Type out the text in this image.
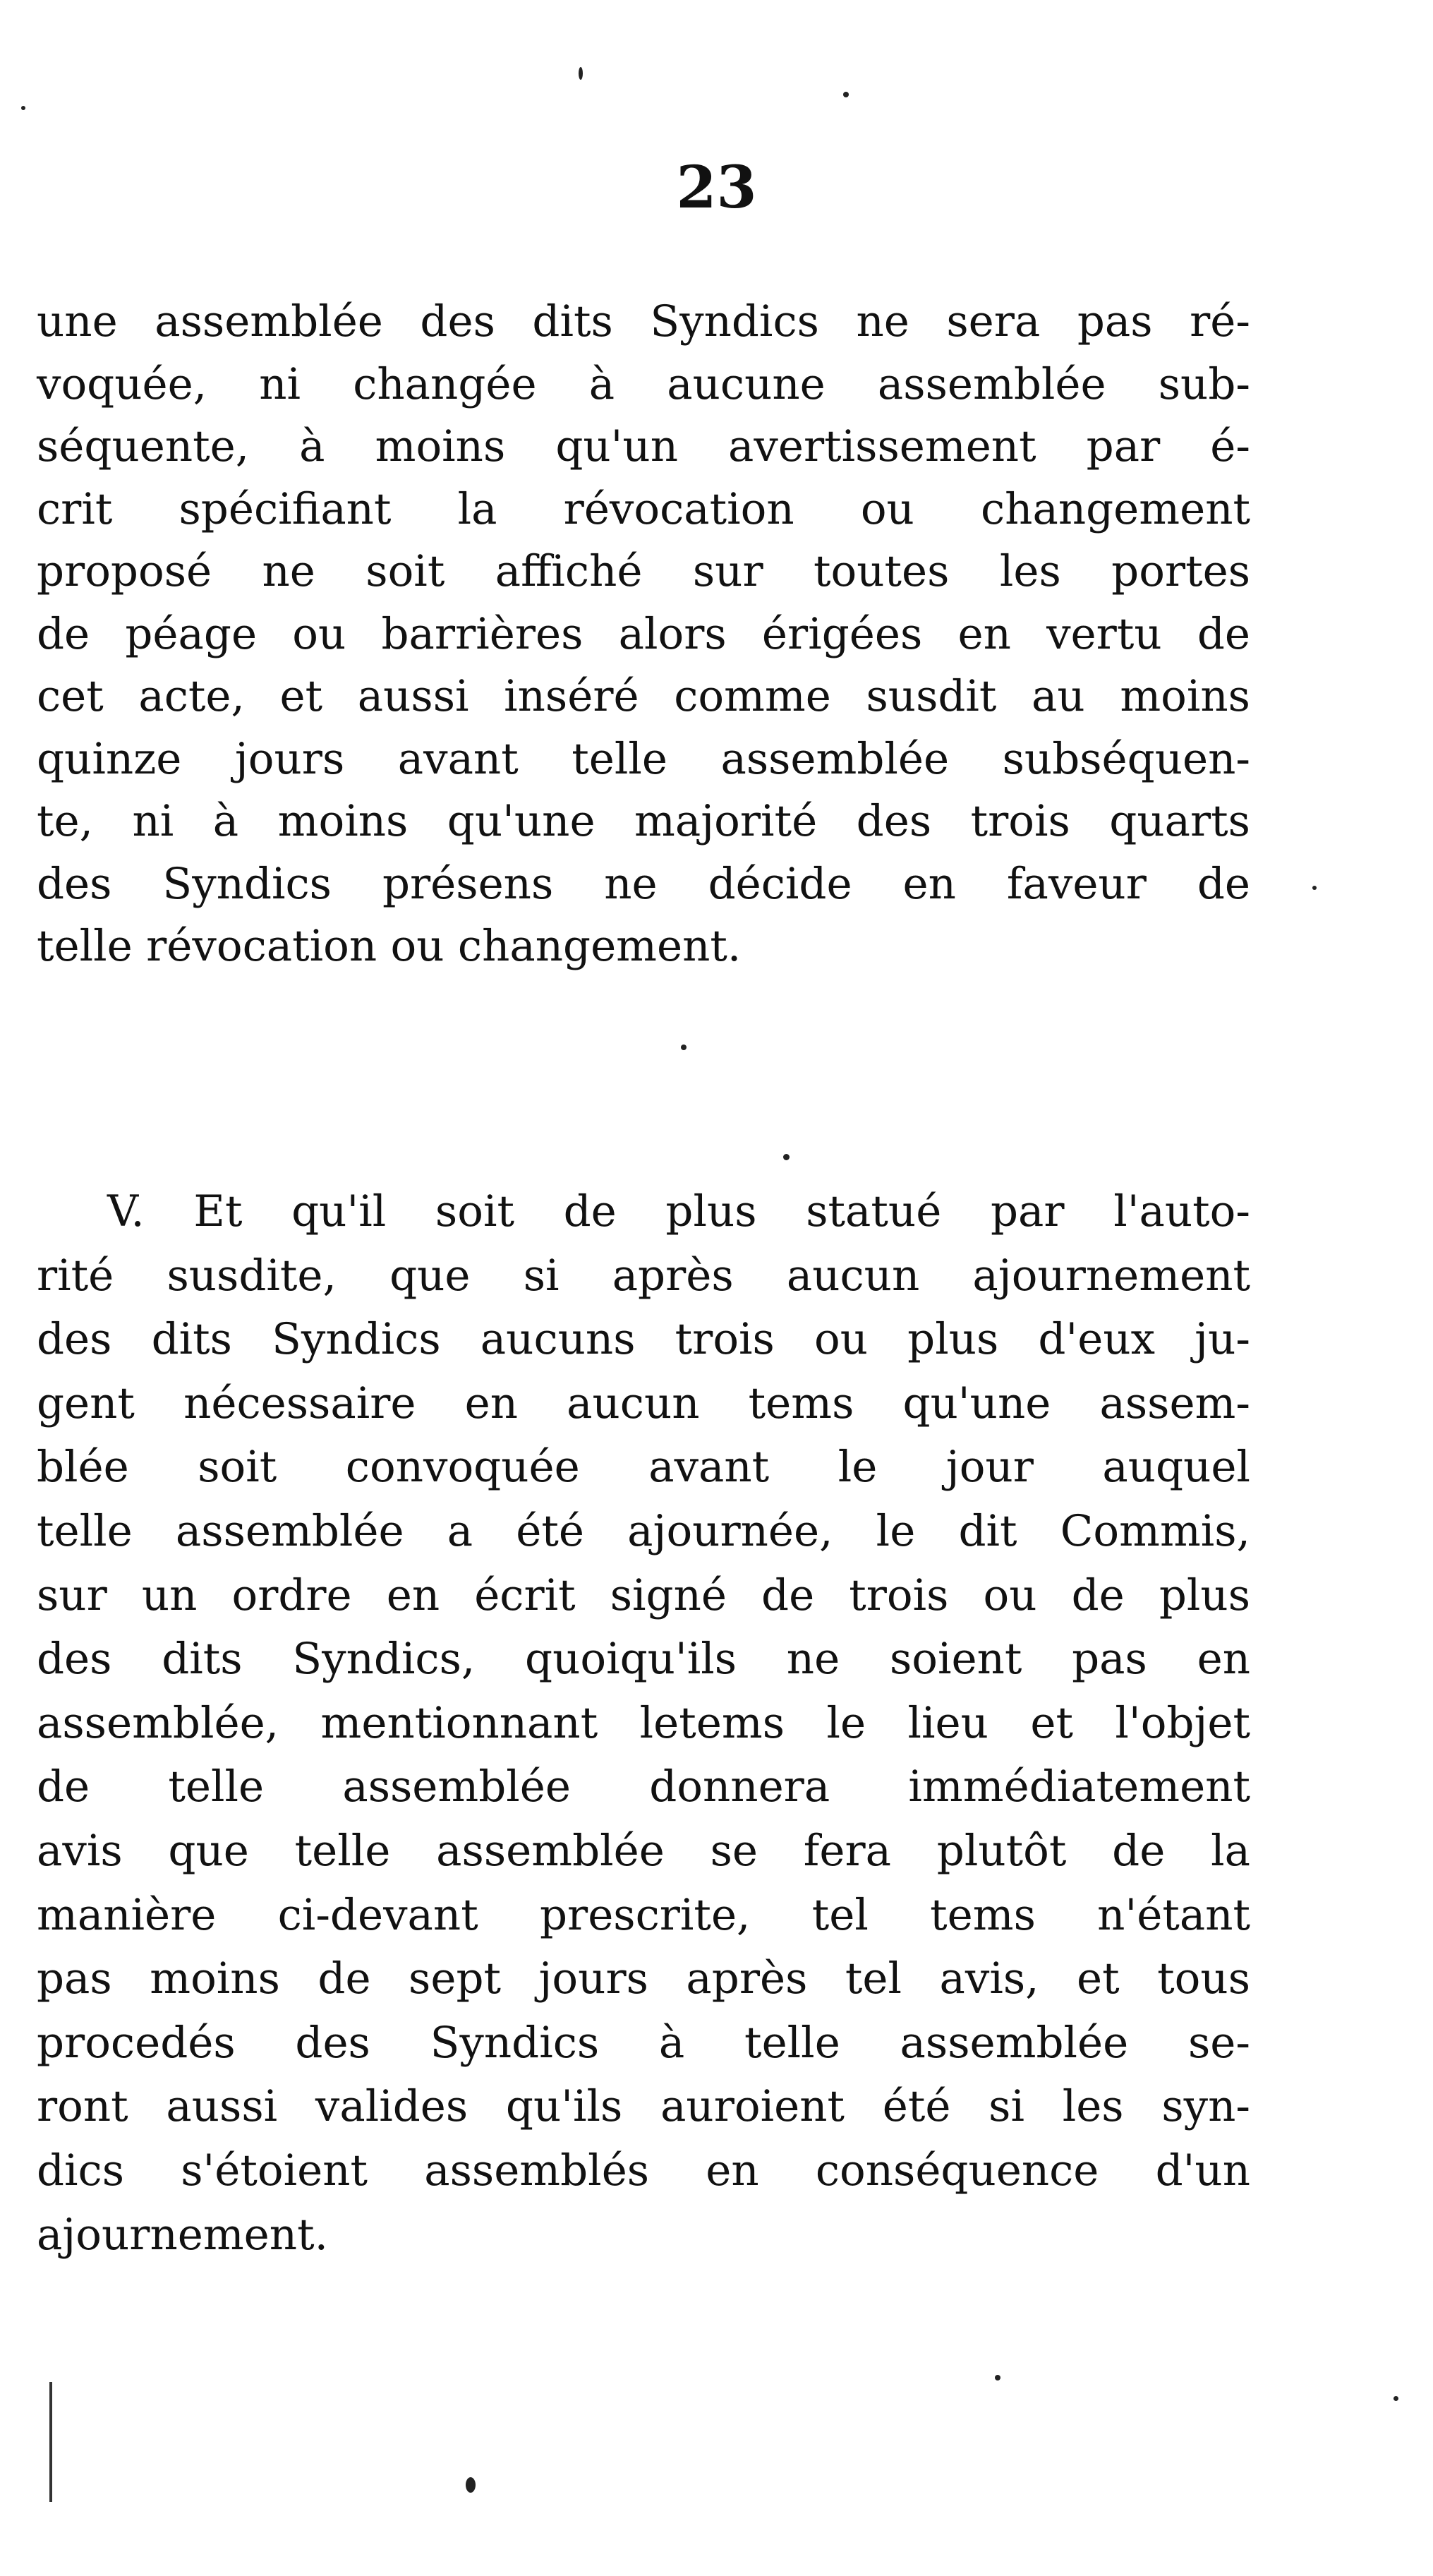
23
une assemblée des dits Syndics ne sera pas ré-
voquée, ni changée à aucune assemblée sub-
séquente, à moins qu'un avertissement par é-
crit spécifiant la révocation ou changement
proposé ne soit affiché sur toutes les portes
de péage ou barrières alors érigées en vertu de
cet acte, et aussi inséré comme susdit au moins
quinze jours avant telle assemblée subséquen-
te, ni à moins qu'une majorité des trois quarts
des Syndics présens ne décide en faveur de
telle révocation ou changement.
V. Et qu'il soit de plus statué par l'auto-
rité susdite, que si après aucun ajournement
des dits Syndics aucuns trois ou plus d'eux ju-
gent nécessaire en aucun tems qu'une assem-
blée soit convoquée avant le jour auquel
telle assemblée a été ajournée, le dit Commis,
sur un ordre en écrit signé de trois ou de plus
des dits Syndics, quoiqu'ils ne soient pas en
assemblée, mentionnant letems le lieu et l'objet
de telle assemblée donnera immédiatement
avis que telle assemblée se fera plutôt de la
manière ci-devant prescrite, tel tems n'étant
pas moins de sept jours après tel avis, et tous
procedés des Syndics à telle assemblée se-
ront aussi valides qu'ils auroient été si les syn-
dics s'étoient assemblés en conséquence d'un
ajournement.
